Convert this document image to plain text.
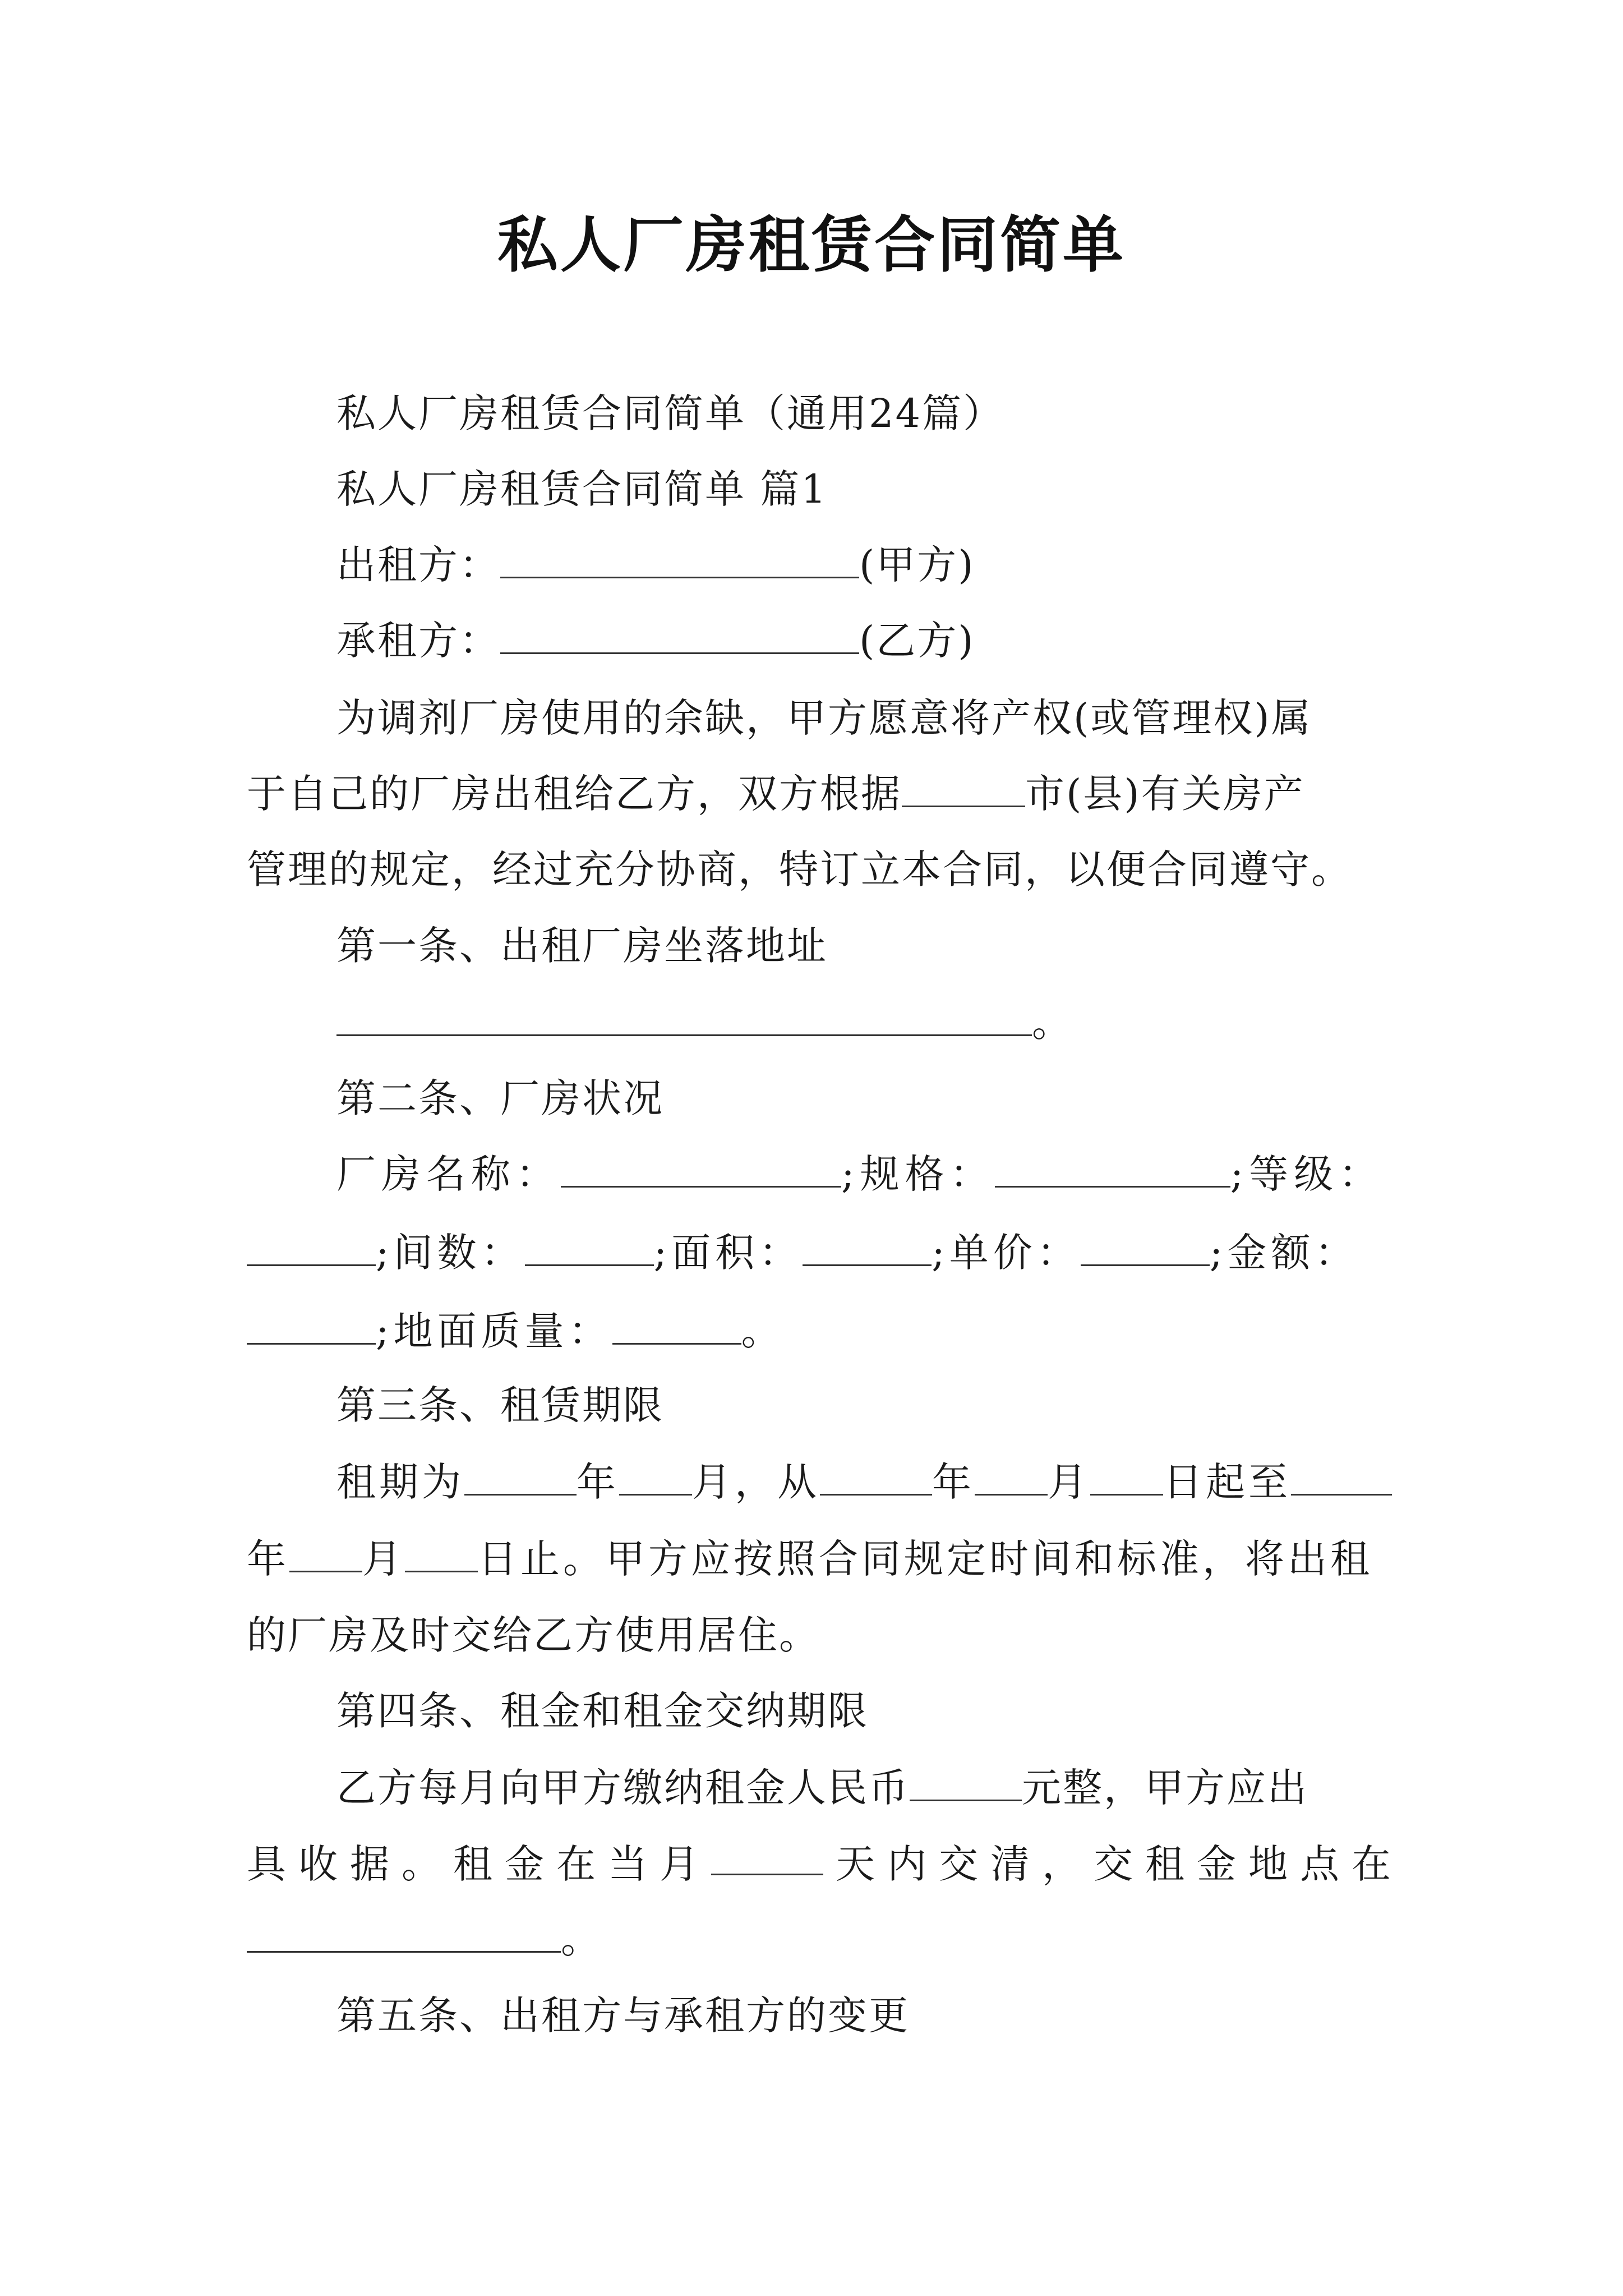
私人厂房租赁合同简单
私人厂房租赁合同简单（通用24篇）
私人厂房租赁合同简单 篇1
出租方：	(甲方)
承租方：	(乙方)
为调剂厂房使用的余缺，甲方愿意将产权(或管理权)属
于自己的厂房出租给乙方，双方根据	市(县)有关房产
管理的规定，经过充分协商，特订立本合同，以便合同遵守。
第一条、出租厂房坐落地址
。
第二条、厂房状况
厂房名称：	;规格：	;等级：
;间数：	;面积：	;单价：	;金额：
;地面质量：	。
第三条、租赁期限
租期为	年 月，从	年 月 日起至
年 月 日止。甲方应按照合同规定时间和标准，将出租
的厂房及时交给乙方使用居住。
第四条、租金和租金交纳期限
乙方每月向甲方缴纳租金人民币	元整，甲方应出
具 收 据 。 租 金 在 当 月	天 内 交 清 ， 交 租 金 地 点 在
。
第五条、出租方与承租方的变更
